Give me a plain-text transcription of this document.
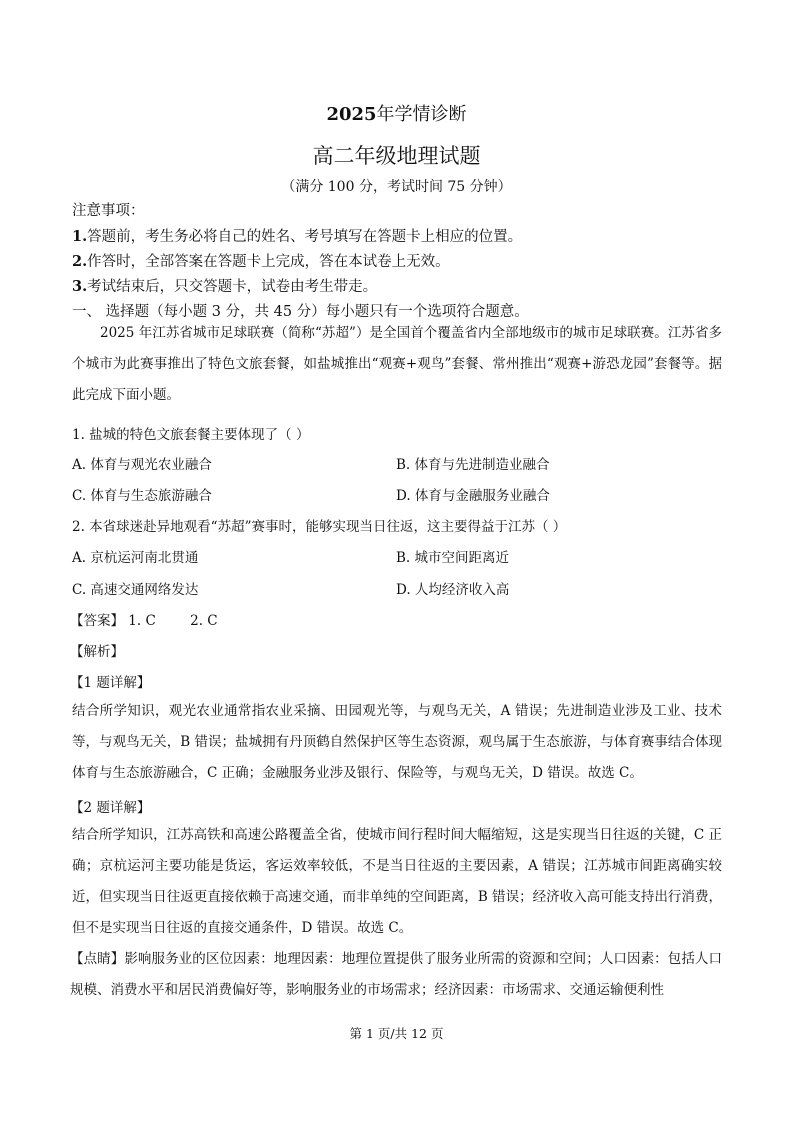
2025年学情诊断
高二年级地理试题
（满分 100 分，考试时间 75 分钟）
注意事项：
1.答题前，考生务必将自己的姓名、考号填写在答题卡上相应的位置。
2.作答时，全部答案在答题卡上完成，答在本试卷上无效。
3.考试结束后，只交答题卡，试卷由考生带走。
一、 选择题（每小题 3 分，共 45 分）每小题只有一个选项符合题意。
2025 年江苏省城市足球联赛（简称“苏超”）是全国首个覆盖省内全部地级市的城市足球联赛。江苏省多个城市为此赛事推出了特色文旅套餐，如盐城推出“观赛+观鸟”套餐、常州推出“观赛+游恐龙园”套餐等。据此完成下面小题。
1. 盐城的特色文旅套餐主要体现了（ ）
A. 体育与观光农业融合	B. 体育与先进制造业融合
C. 体育与生态旅游融合	D. 体育与金融服务业融合
2. 本省球迷赴异地观看“苏超”赛事时，能够实现当日往返，这主要得益于江苏（ ）
A. 京杭运河南北贯通	B. 城市空间距离近
C. 高速交通网络发达	D. 人均经济收入高
【答案】 1. C        2. C
【解析】
【1 题详解】
结合所学知识，观光农业通常指农业采摘、田园观光等，与观鸟无关，A 错误；先进制造业涉及工业、技术等，与观鸟无关，B 错误；盐城拥有丹顶鹤自然保护区等生态资源，观鸟属于生态旅游，与体育赛事结合体现体育与生态旅游融合，C 正确；金融服务业涉及银行、保险等，与观鸟无关，D 错误。故选 C。
【2 题详解】
结合所学知识，江苏高铁和高速公路覆盖全省，使城市间行程时间大幅缩短，这是实现当日往返的关键，C 正确；京杭运河主要功能是货运，客运效率较低，不是当日往返的主要因素，A 错误；江苏城市间距离确实较近，但实现当日往返更直接依赖于高速交通，而非单纯的空间距离，B 错误；经济收入高可能支持出行消费，但不是实现当日往返的直接交通条件，D 错误。故选 C。
【点睛】影响服务业的区位因素：地理因素：地理位置提供了服务业所需的资源和空间；人口因素：包括人口规模、消费水平和居民消费偏好等，影响服务业的市场需求；经济因素：市场需求、交通运输便利性
第 1 页/共 12 页
